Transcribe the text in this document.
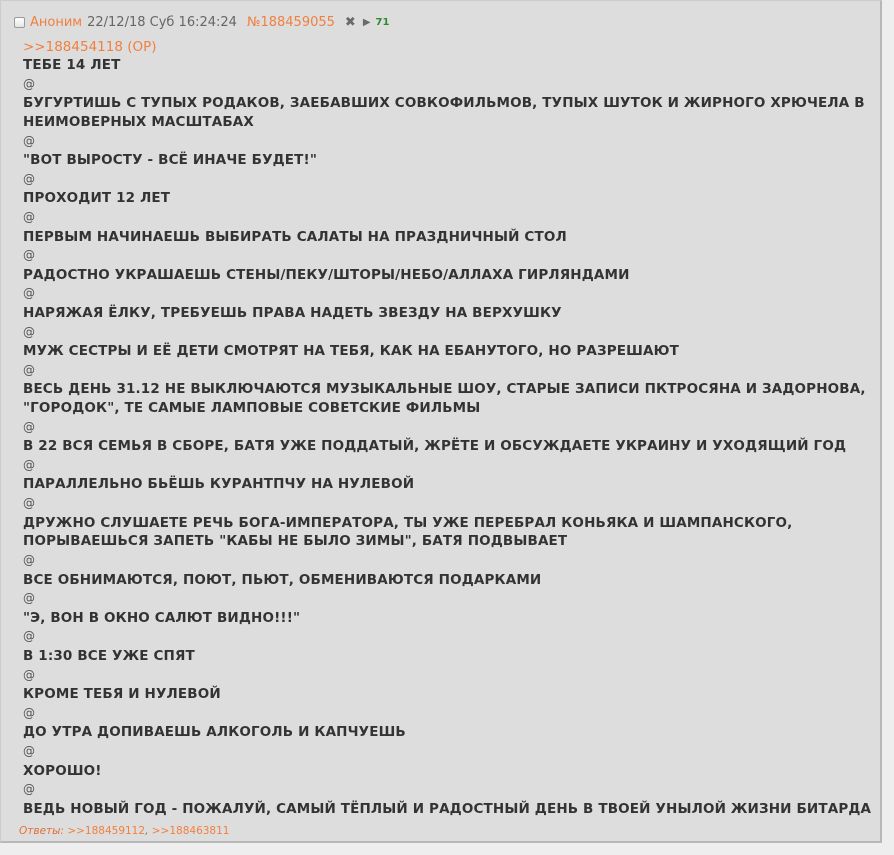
Аноним 22/12/18 Суб 16:24:24 №188459055 ✖ ▶ 71
>>188454118 (OP)
ТЕБЕ 14 ЛЕТ
@
БУГУРТИШЬ С ТУПЫХ РОДАКОВ, ЗАЕБАВШИХ СОВКОФИЛЬМОВ, ТУПЫХ ШУТОК И ЖИРНОГО ХРЮЧЕЛА В
НЕИМОВЕРНЫХ МАСШТАБАХ
@
"ВОТ ВЫРОСТУ - ВСЁ ИНАЧЕ БУДЕТ!"
@
ПРОХОДИТ 12 ЛЕТ
@
ПЕРВЫМ НАЧИНАЕШЬ ВЫБИРАТЬ САЛАТЫ НА ПРАЗДНИЧНЫЙ СТОЛ
@
РАДОСТНО УКРАШАЕШЬ СТЕНЫ/ПЕКУ/ШТОРЫ/НЕБО/АЛЛАХА ГИРЛЯНДАМИ
@
НАРЯЖАЯ ЁЛКУ, ТРЕБУЕШЬ ПРАВА НАДЕТЬ ЗВЕЗДУ НА ВЕРХУШКУ
@
МУЖ СЕСТРЫ И ЕЁ ДЕТИ СМОТРЯТ НА ТЕБЯ, КАК НА ЕБАНУТОГО, НО РАЗРЕШАЮТ
@
ВЕСЬ ДЕНЬ 31.12 НЕ ВЫКЛЮЧАЮТСЯ МУЗЫКАЛЬНЫЕ ШОУ, СТАРЫЕ ЗАПИСИ ПКТРОСЯНА И ЗАДОРНОВА,
"ГОРОДОК", ТЕ САМЫЕ ЛАМПОВЫЕ СОВЕТСКИЕ ФИЛЬМЫ
@
В 22 ВСЯ СЕМЬЯ В СБОРЕ, БАТЯ УЖЕ ПОДДАТЫЙ, ЖРЁТЕ И ОБСУЖДАЕТЕ УКРАИНУ И УХОДЯЩИЙ ГОД
@
ПАРАЛЛЕЛЬНО БЬЁШЬ КУРАНТПЧУ НА НУЛЕВОЙ
@
ДРУЖНО СЛУШАЕТЕ РЕЧЬ БОГА-ИМПЕРАТОРА, ТЫ УЖЕ ПЕРЕБРАЛ КОНЬЯКА И ШАМПАНСКОГО,
ПОРЫВАЕШЬСЯ ЗАПЕТЬ "КАБЫ НЕ БЫЛО ЗИМЫ", БАТЯ ПОДВЫВАЕТ
@
ВСЕ ОБНИМАЮТСЯ, ПОЮТ, ПЬЮТ, ОБМЕНИВАЮТСЯ ПОДАРКАМИ
@
"Э, ВОН В ОКНО САЛЮТ ВИДНО!!!"
@
В 1:30 ВСЕ УЖЕ СПЯТ
@
КРОМЕ ТЕБЯ И НУЛЕВОЙ
@
ДО УТРА ДОПИВАЕШЬ АЛКОГОЛЬ И КАПЧУЕШЬ
@
ХОРОШО!
@
ВЕДЬ НОВЫЙ ГОД - ПОЖАЛУЙ, САМЫЙ ТЁПЛЫЙ И РАДОСТНЫЙ ДЕНЬ В ТВОЕЙ УНЫЛОЙ ЖИЗНИ БИТАРДА
Ответы: >>188459112, >>188463811
